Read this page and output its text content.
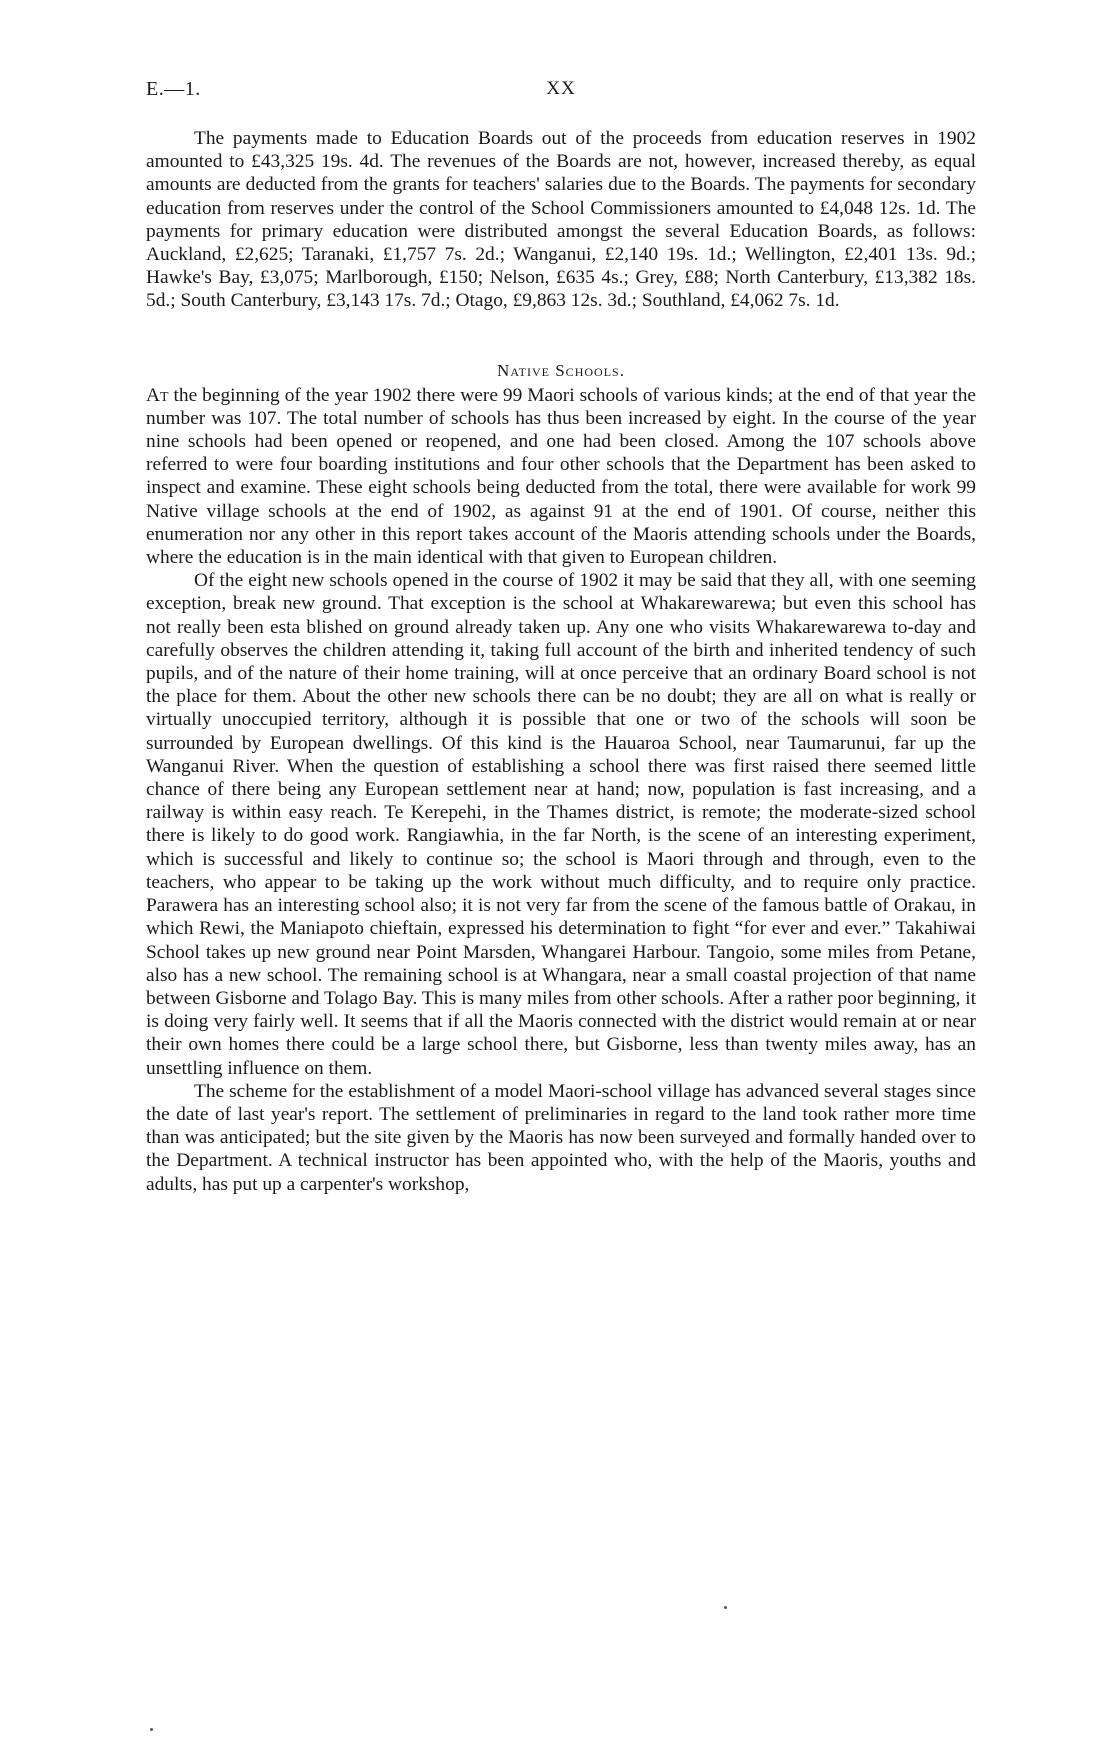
E.—1.	XX

The payments made to Education Boards out of the proceeds from education reserves in 1902 amounted to £43,325 19s. 4d. The revenues of the Boards are not, however, increased thereby, as equal amounts are deducted from the grants for teachers' salaries due to the Boards. The payments for secondary education from reserves under the control of the School Commissioners amounted to £4,048 12s. 1d. The payments for primary education were distributed amongst the several Education Boards, as follows: Auckland, £2,625; Taranaki, £1,757 7s. 2d.; Wanganui, £2,140 19s. 1d.; Wellington, £2,401 13s. 9d.; Hawke's Bay, £3,075; Marlborough, £150; Nelson, £635 4s.; Grey, £88; North Canterbury, £13,382 18s. 5d.; South Canterbury, £3,143 17s. 7d.; Otago, £9,863 12s. 3d.; Southland, £4,062 7s. 1d.

Native Schools.

At the beginning of the year 1902 there were 99 Maori schools of various kinds; at the end of that year the number was 107. The total number of schools has thus been increased by eight. In the course of the year nine schools had been opened or reopened, and one had been closed. Among the 107 schools above referred to were four boarding institutions and four other schools that the Department has been asked to inspect and examine. These eight schools being deducted from the total, there were available for work 99 Native village schools at the end of 1902, as against 91 at the end of 1901. Of course, neither this enumeration nor any other in this report takes account of the Maoris attending schools under the Boards, where the education is in the main identical with that given to European children.

Of the eight new schools opened in the course of 1902 it may be said that they all, with one seeming exception, break new ground. That exception is the school at Whakarewarewa; but even this school has not really been esta blished on ground already taken up. Any one who visits Whakarewarewa to-day and carefully observes the children attending it, taking full account of the birth and inherited tendency of such pupils, and of the nature of their home training, will at once perceive that an ordinary Board school is not the place for them. About the other new schools there can be no doubt; they are all on what is really or virtually unoccupied territory, although it is possible that one or two of the schools will soon be surrounded by European dwellings. Of this kind is the Hauaroa School, near Taumarunui, far up the Wanganui River. When the question of establishing a school there was first raised there seemed little chance of there being any European settlement near at hand; now, population is fast increasing, and a railway is within easy reach. Te Kerepehi, in the Thames district, is remote; the moderate-sized school there is likely to do good work. Rangiawhia, in the far North, is the scene of an interesting experiment, which is successful and likely to continue so; the school is Maori through and through, even to the teachers, who appear to be taking up the work without much difficulty, and to require only practice. Parawera has an interesting school also; it is not very far from the scene of the famous battle of Orakau, in which Rewi, the Maniapoto chieftain, expressed his determination to fight “for ever and ever.” Takahiwai School takes up new ground near Point Marsden, Whangarei Harbour. Tangoio, some miles from Petane, also has a new school. The remaining school is at Whangara, near a small coastal projection of that name between Gisborne and Tolago Bay. This is many miles from other schools. After a rather poor beginning, it is doing very fairly well. It seems that if all the Maoris connected with the district would remain at or near their own homes there could be a large school there, but Gisborne, less than twenty miles away, has an unsettling influence on them.

The scheme for the establishment of a model Maori-school village has advanced several stages since the date of last year's report. The settlement of preliminaries in regard to the land took rather more time than was anticipated; but the site given by the Maoris has now been surveyed and formally handed over to the Department. A technical instructor has been appointed who, with the help of the Maoris, youths and adults, has put up a carpenter's workshop,
